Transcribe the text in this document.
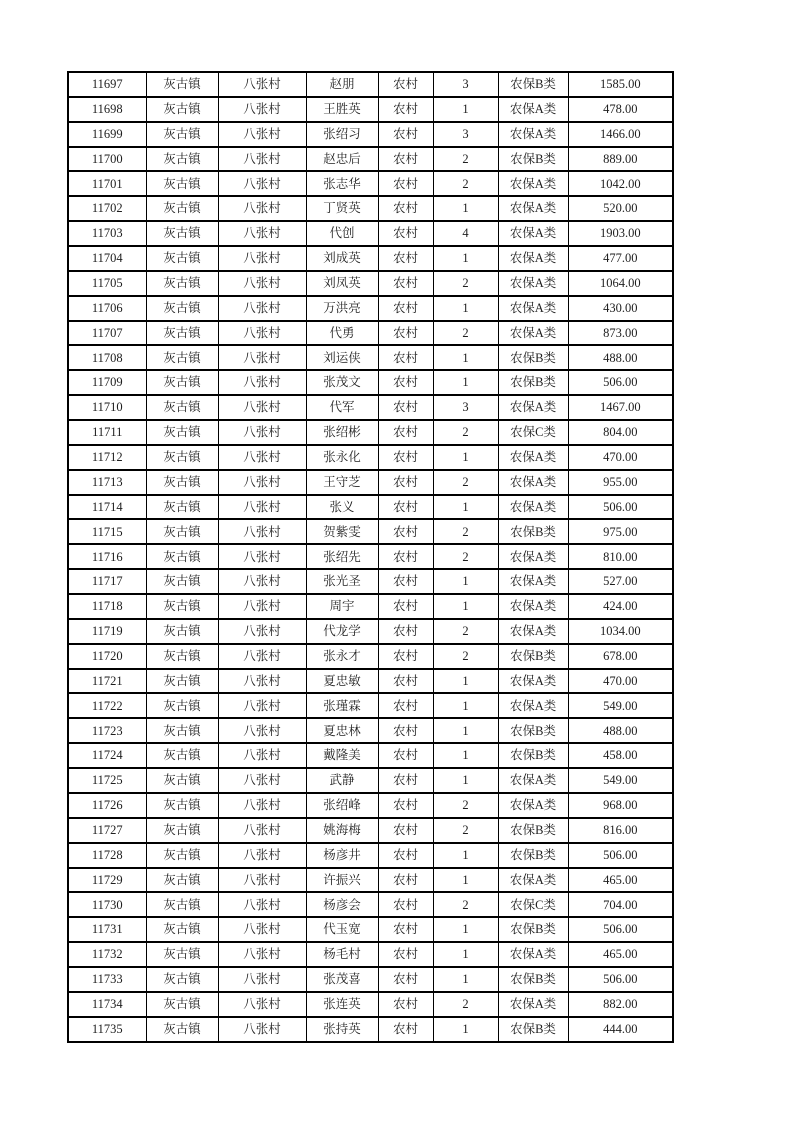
11697	灰古镇	八张村	赵朋	农村	3	农保B类	1585.00
11698	灰古镇	八张村	王胜英	农村	1	农保A类	478.00
11699	灰古镇	八张村	张绍习	农村	3	农保A类	1466.00
11700	灰古镇	八张村	赵忠后	农村	2	农保B类	889.00
11701	灰古镇	八张村	张志华	农村	2	农保A类	1042.00
11702	灰古镇	八张村	丁贤英	农村	1	农保A类	520.00
11703	灰古镇	八张村	代创	农村	4	农保A类	1903.00
11704	灰古镇	八张村	刘成英	农村	1	农保A类	477.00
11705	灰古镇	八张村	刘凤英	农村	2	农保A类	1064.00
11706	灰古镇	八张村	万洪亮	农村	1	农保A类	430.00
11707	灰古镇	八张村	代勇	农村	2	农保A类	873.00
11708	灰古镇	八张村	刘运侠	农村	1	农保B类	488.00
11709	灰古镇	八张村	张茂文	农村	1	农保B类	506.00
11710	灰古镇	八张村	代军	农村	3	农保A类	1467.00
11711	灰古镇	八张村	张绍彬	农村	2	农保C类	804.00
11712	灰古镇	八张村	张永化	农村	1	农保A类	470.00
11713	灰古镇	八张村	王守芝	农村	2	农保A类	955.00
11714	灰古镇	八张村	张义	农村	1	农保A类	506.00
11715	灰古镇	八张村	贺紫雯	农村	2	农保B类	975.00
11716	灰古镇	八张村	张绍先	农村	2	农保A类	810.00
11717	灰古镇	八张村	张光圣	农村	1	农保A类	527.00
11718	灰古镇	八张村	周宇	农村	1	农保A类	424.00
11719	灰古镇	八张村	代龙学	农村	2	农保A类	1034.00
11720	灰古镇	八张村	张永才	农村	2	农保B类	678.00
11721	灰古镇	八张村	夏忠敏	农村	1	农保A类	470.00
11722	灰古镇	八张村	张瑾霖	农村	1	农保A类	549.00
11723	灰古镇	八张村	夏忠林	农村	1	农保B类	488.00
11724	灰古镇	八张村	戴隆美	农村	1	农保B类	458.00
11725	灰古镇	八张村	武静	农村	1	农保A类	549.00
11726	灰古镇	八张村	张绍峰	农村	2	农保A类	968.00
11727	灰古镇	八张村	姚海梅	农村	2	农保B类	816.00
11728	灰古镇	八张村	杨彦井	农村	1	农保B类	506.00
11729	灰古镇	八张村	许振兴	农村	1	农保A类	465.00
11730	灰古镇	八张村	杨彦会	农村	2	农保C类	704.00
11731	灰古镇	八张村	代玉宽	农村	1	农保B类	506.00
11732	灰古镇	八张村	杨毛村	农村	1	农保A类	465.00
11733	灰古镇	八张村	张茂喜	农村	1	农保B类	506.00
11734	灰古镇	八张村	张连英	农村	2	农保A类	882.00
11735	灰古镇	八张村	张持英	农村	1	农保B类	444.00
